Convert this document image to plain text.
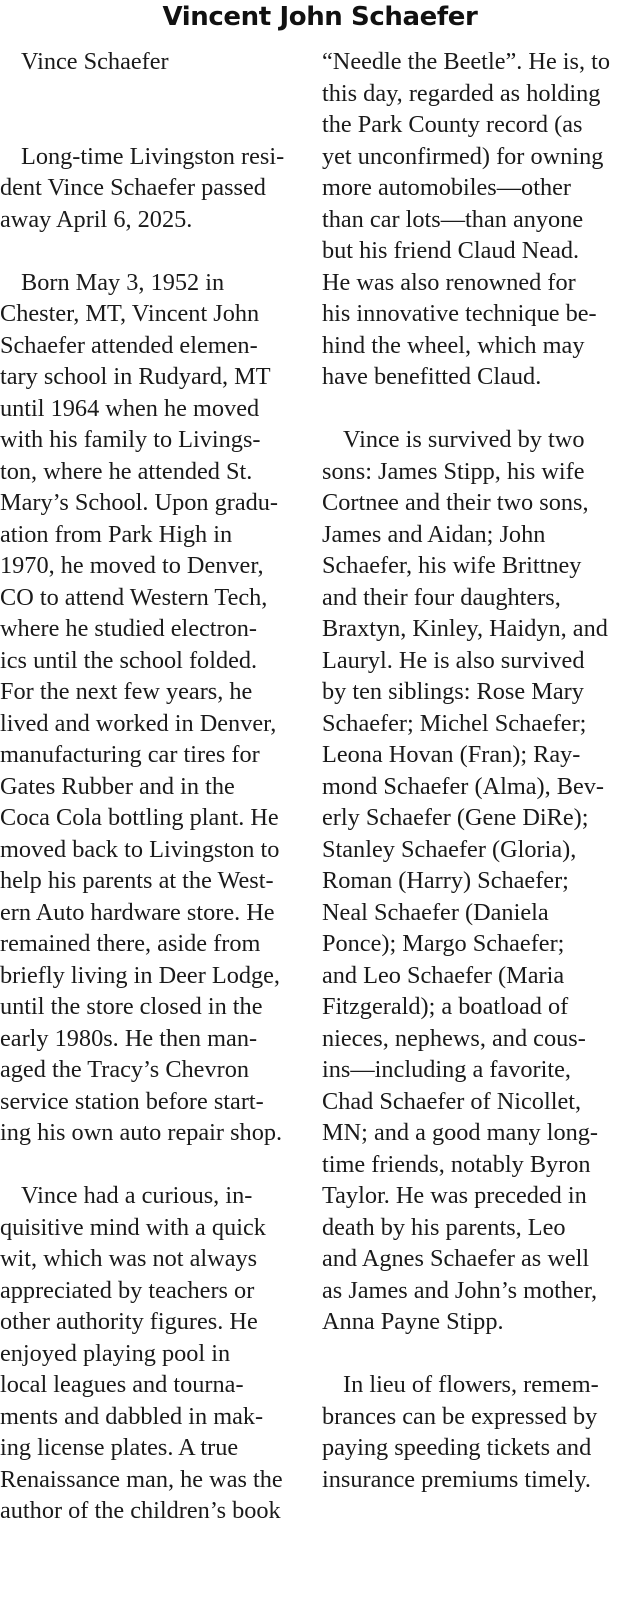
Vincent John Schaefer
Vince Schaefer
Long-time Livingston resi-
dent Vince Schaefer passed
away April 6, 2025.
Born May 3, 1952 in
Chester, MT, Vincent John
Schaefer attended elemen-
tary school in Rudyard, MT
until 1964 when he moved
with his family to Livings-
ton, where he attended St.
Mary’s School. Upon gradu-
ation from Park High in
1970, he moved to Denver,
CO to attend Western Tech,
where he studied electron-
ics until the school folded.
For the next few years, he
lived and worked in Denver,
manufacturing car tires for
Gates Rubber and in the
Coca Cola bottling plant. He
moved back to Livingston to
help his parents at the West-
ern Auto hardware store. He
remained there, aside from
briefly living in Deer Lodge,
until the store closed in the
early 1980s. He then man-
aged the Tracy’s Chevron
service station before start-
ing his own auto repair shop.
Vince had a curious, in-
quisitive mind with a quick
wit, which was not always
appreciated by teachers or
other authority figures. He
enjoyed playing pool in
local leagues and tourna-
ments and dabbled in mak-
ing license plates. A true
Renaissance man, he was the
author of the children’s book
“Needle the Beetle”. He is, to
this day, regarded as holding
the Park County record (as
yet unconfirmed) for owning
more automobiles—other
than car lots—than anyone
but his friend Claud Nead.
He was also renowned for
his innovative technique be-
hind the wheel, which may
have benefitted Claud.
Vince is survived by two
sons: James Stipp, his wife
Cortnee and their two sons,
James and Aidan; John
Schaefer, his wife Brittney
and their four daughters,
Braxtyn, Kinley, Haidyn, and
Lauryl. He is also survived
by ten siblings: Rose Mary
Schaefer; Michel Schaefer;
Leona Hovan (Fran); Ray-
mond Schaefer (Alma), Bev-
erly Schaefer (Gene DiRe);
Stanley Schaefer (Gloria),
Roman (Harry) Schaefer;
Neal Schaefer (Daniela
Ponce); Margo Schaefer;
and Leo Schaefer (Maria
Fitzgerald); a boatload of
nieces, nephews, and cous-
ins—including a favorite,
Chad Schaefer of Nicollet,
MN; and a good many long-
time friends, notably Byron
Taylor. He was preceded in
death by his parents, Leo
and Agnes Schaefer as well
as James and John’s mother,
Anna Payne Stipp.
In lieu of flowers, remem-
brances can be expressed by
paying speeding tickets and
insurance premiums timely.
